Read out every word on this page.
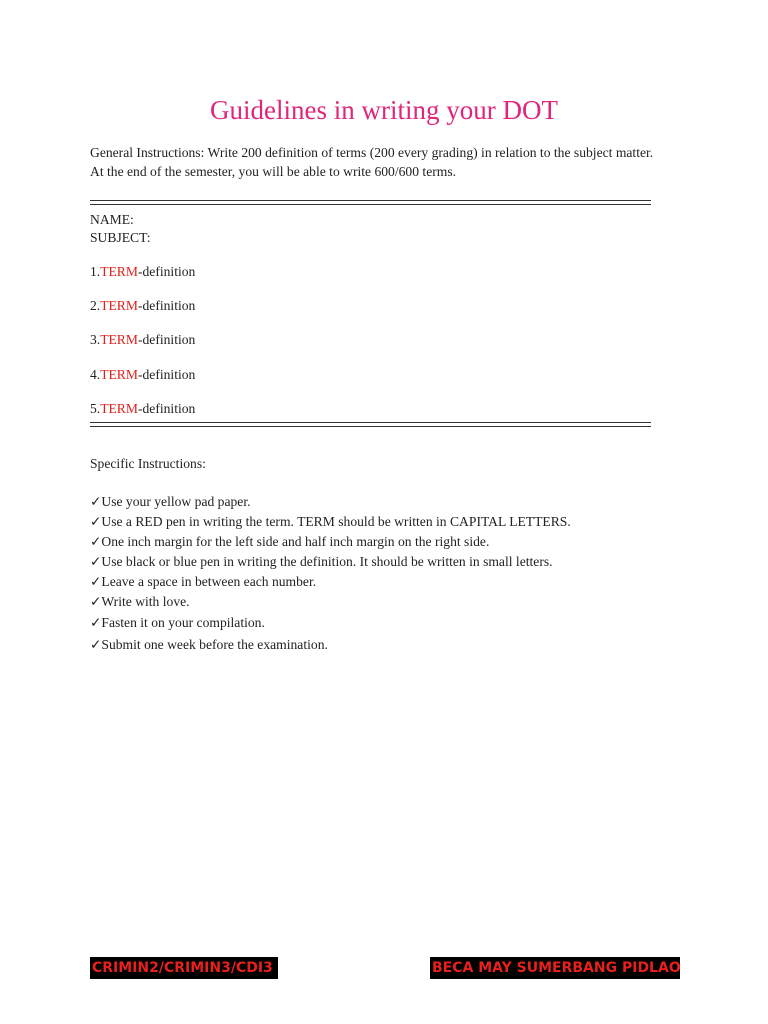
Guidelines in writing your DOT
General Instructions: Write 200 definition of terms (200 every grading) in relation to the subject matter. At the end of the semester, you will be able to write 600/600 terms.
NAME:
SUBJECT:
1.TERM-definition
2.TERM-definition
3.TERM-definition
4.TERM-definition
5.TERM-definition
Specific Instructions:
✓Use your yellow pad paper.
✓Use a RED pen in writing the term. TERM should be written in CAPITAL LETTERS.
✓One inch margin for the left side and half inch margin on the right side.
✓Use black or blue pen in writing the definition. It should be written in small letters.
✓Leave a space in between each number.
✓Write with love.
✓Fasten it on your compilation.
✓Submit one week before the examination.
CRIMIN2/CRIMIN3/CDI3	BECA MAY SUMERBANG PIDLAO
